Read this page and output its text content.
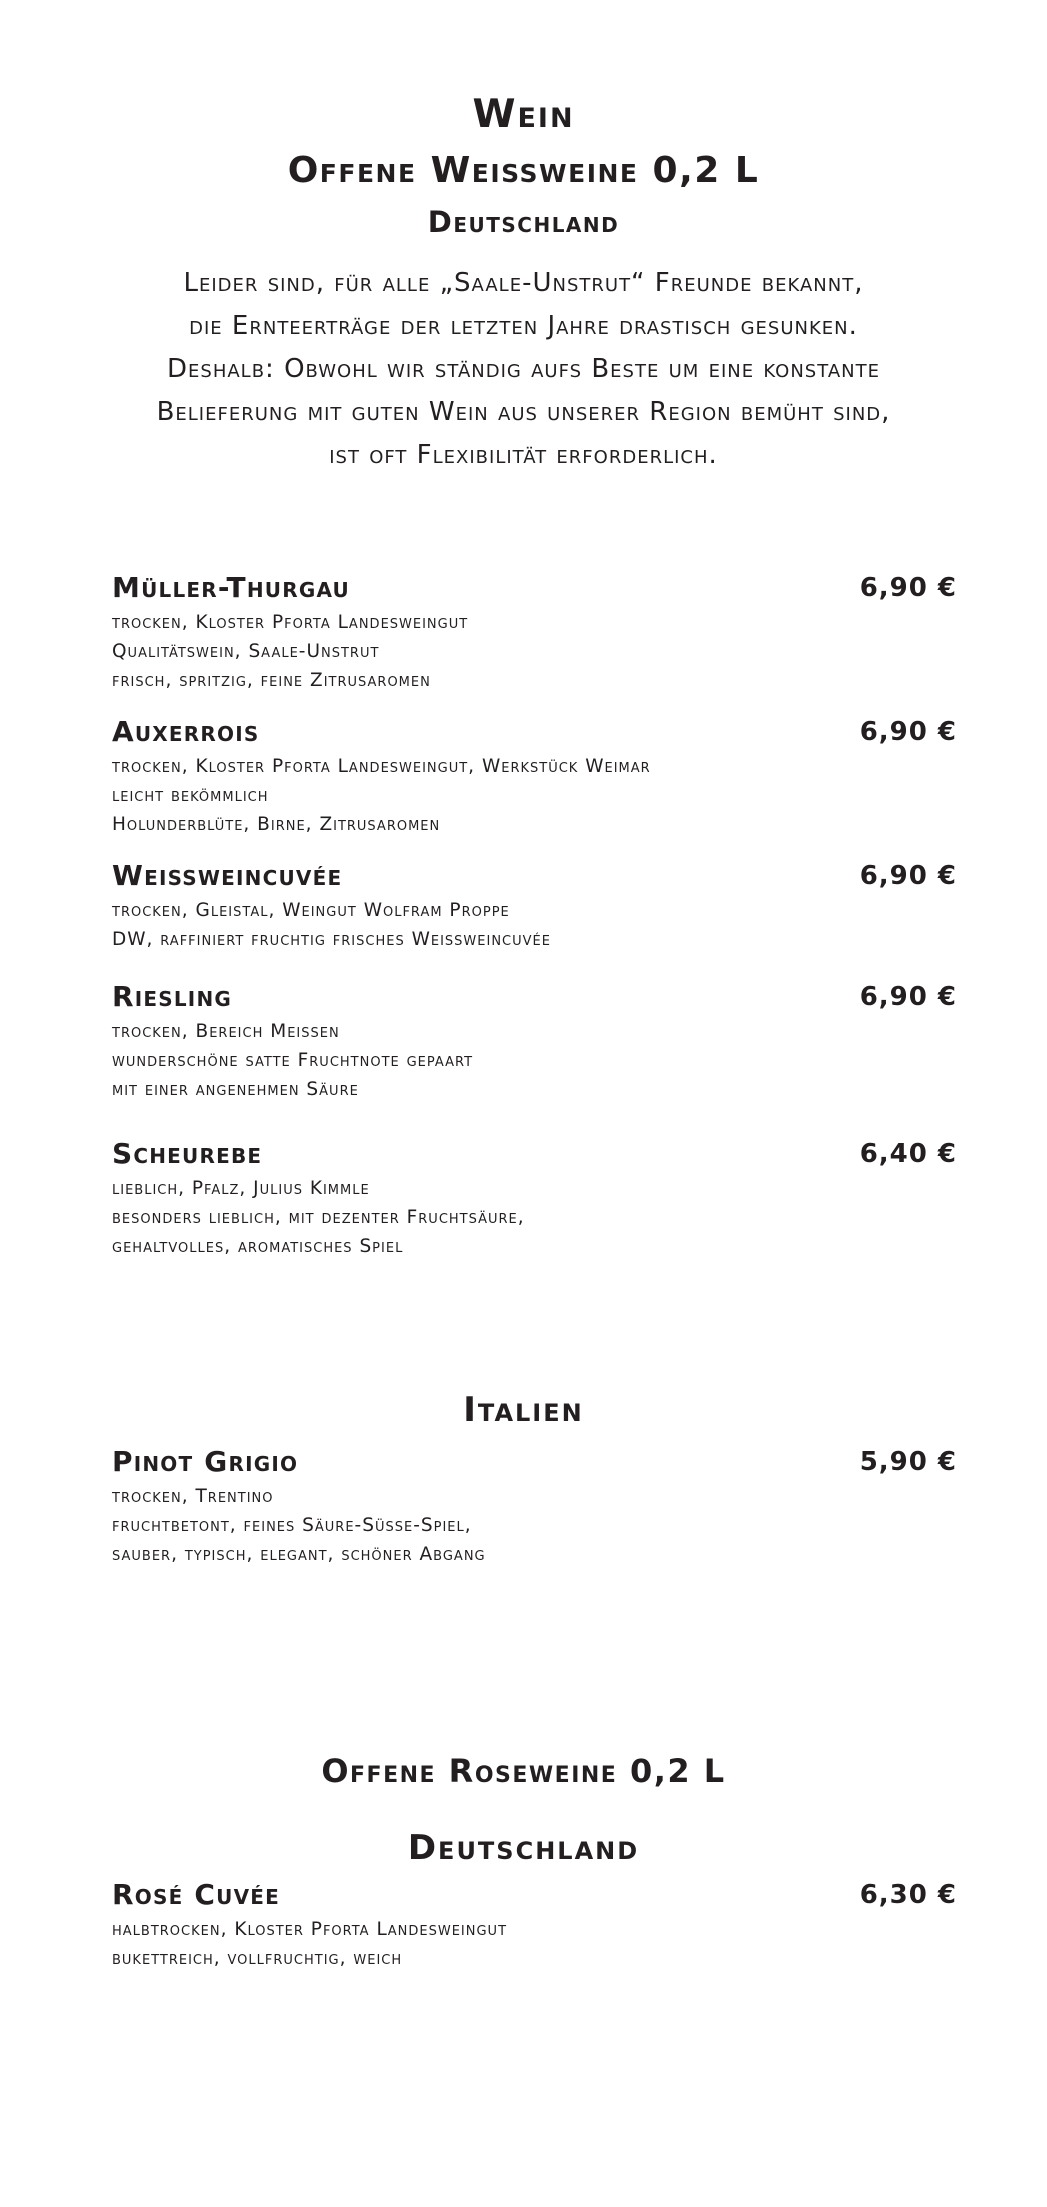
Wein
Offene Weissweine 0,2 L
Deutschland
Leider sind, für alle „Saale-Unstrut“ Freunde bekannt,
die Ernteerträge der letzten Jahre drastisch gesunken.
Deshalb: Obwohl wir ständig aufs Beste um eine konstante
Belieferung mit guten Wein aus unserer Region bemüht sind,
ist oft Flexibilität erforderlich.
Müller-Thurgau	6,90 €
trocken, Kloster Pforta Landesweingut
Qualitätswein, Saale-Unstrut
frisch, spritzig, feine Zitrusaromen
Auxerrois	6,90 €
trocken, Kloster Pforta Landesweingut, Werkstück Weimar
leicht bekömmlich
Holunderblüte, Birne, Zitrusaromen
Weissweincuvée	6,90 €
trocken, Gleistal, Weingut Wolfram Proppe
DW, raffiniert fruchtig frisches Weissweincuvée
Riesling	6,90 €
trocken, Bereich Meissen
wunderschöne satte Fruchtnote gepaart
mit einer angenehmen Säure
Scheurebe	6,40 €
lieblich, Pfalz, Julius Kimmle
besonders lieblich, mit dezenter Fruchtsäure,
gehaltvolles, aromatisches Spiel
Italien
Pinot Grigio	5,90 €
trocken, Trentino
fruchtbetont, feines Säure-Süsse-Spiel,
sauber, typisch, elegant, schöner Abgang
Offene Roseweine 0,2 L
Deutschland
Rosé Cuvée	6,30 €
halbtrocken, Kloster Pforta Landesweingut
bukettreich, vollfruchtig, weich
